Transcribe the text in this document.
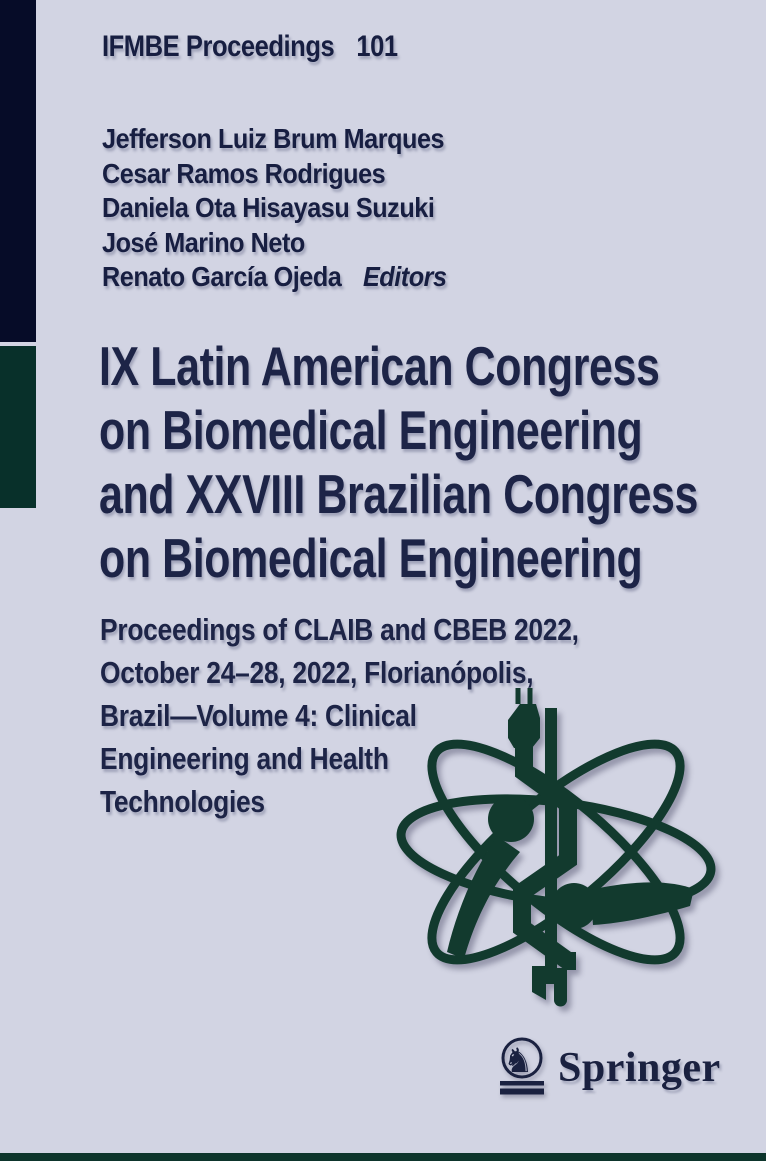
IFMBE Proceedings 101
Jefferson Luiz Brum Marques
Cesar Ramos Rodrigues
Daniela Ota Hisayasu Suzuki
José Marino Neto
Renato García Ojeda Editors
IX Latin American Congress
on Biomedical Engineering
and XXVIII Brazilian Congress
on Biomedical Engineering
Proceedings of CLAIB and CBEB 2022,
October 24–28, 2022, Florianópolis,
Brazil—Volume 4: Clinical
Engineering and Health
Technologies
♞ Springer
